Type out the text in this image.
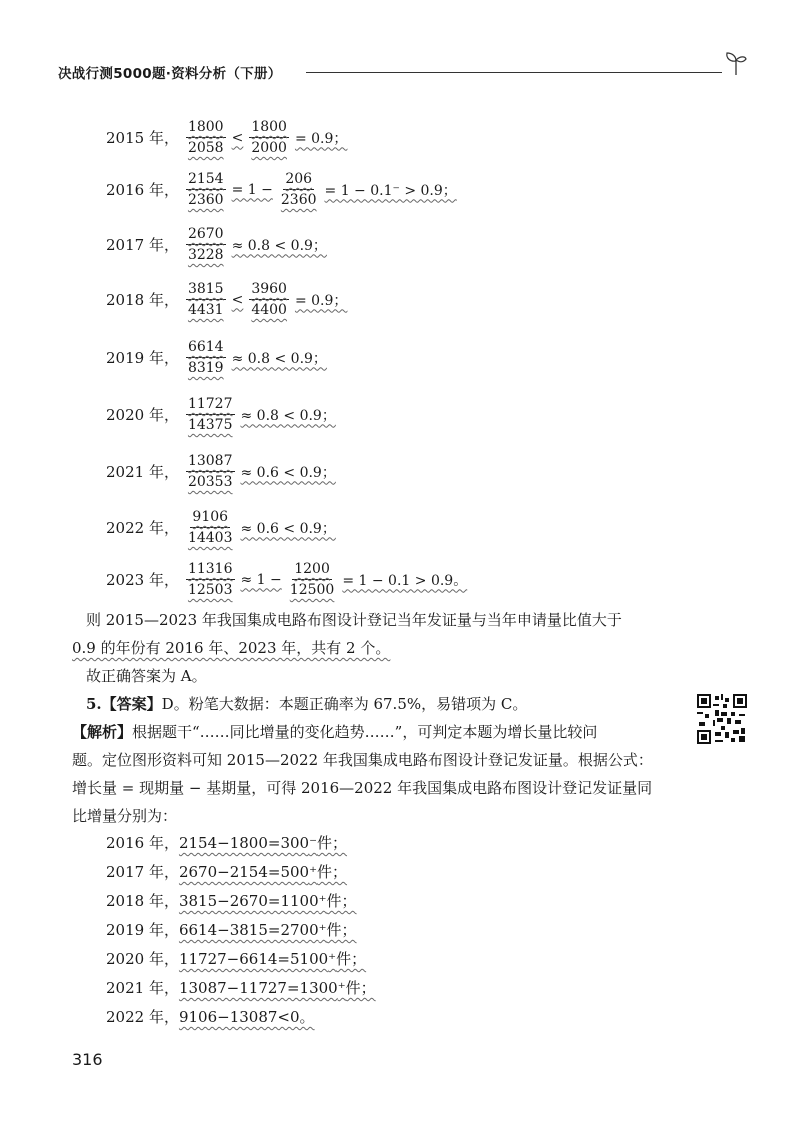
决战行测5000题·资料分析（下册）
2015 年， $\frac{1800}{2058} < \frac{1800}{2000} = 0.9$；
2016 年， $\frac{2154}{2360} = 1 - \frac{206}{2360} = 1 - 0.1^- > 0.9$；
2017 年， $\frac{2670}{3228} \approx 0.8 < 0.9$；
2018 年， $\frac{3815}{4431} < \frac{3960}{4400} = 0.9$；
2019 年， $\frac{6614}{8319} \approx 0.8 < 0.9$；
2020 年， $\frac{11727}{14375} \approx 0.8 < 0.9$；
2021 年， $\frac{13087}{20353} \approx 0.6 < 0.9$；
2022 年， $\frac{9106}{14403} \approx 0.6 < 0.9$；
2023 年， $\frac{11316}{12503} \approx 1 - \frac{1200}{12500} = 1 - 0.1 > 0.9$。
则 2015—2023 年我国集成电路布图设计登记当年发证量与当年申请量比值大于
0.9 的年份有 2016 年、2023 年，共有 2 个。
故正确答案为 A。
5.【答案】D。粉笔大数据：本题正确率为 67.5%，易错项为 C。
【解析】根据题干“……同比增量的变化趋势……”，可判定本题为增长量比较问
题。定位图形资料可知 2015—2022 年我国集成电路布图设计登记发证量。根据公式：
增长量 = 现期量 − 基期量，可得 2016—2022 年我国集成电路布图设计登记发证量同
比增量分别为：
2016 年，2154−1800=300⁻件；
2017 年，2670−2154=500⁺件；
2018 年，3815−2670=1100⁺件；
2019 年，6614−3815=2700⁺件；
2020 年，11727−6614=5100⁺件；
2021 年，13087−11727=1300⁺件；
2022 年，9106−13087<0。
316
